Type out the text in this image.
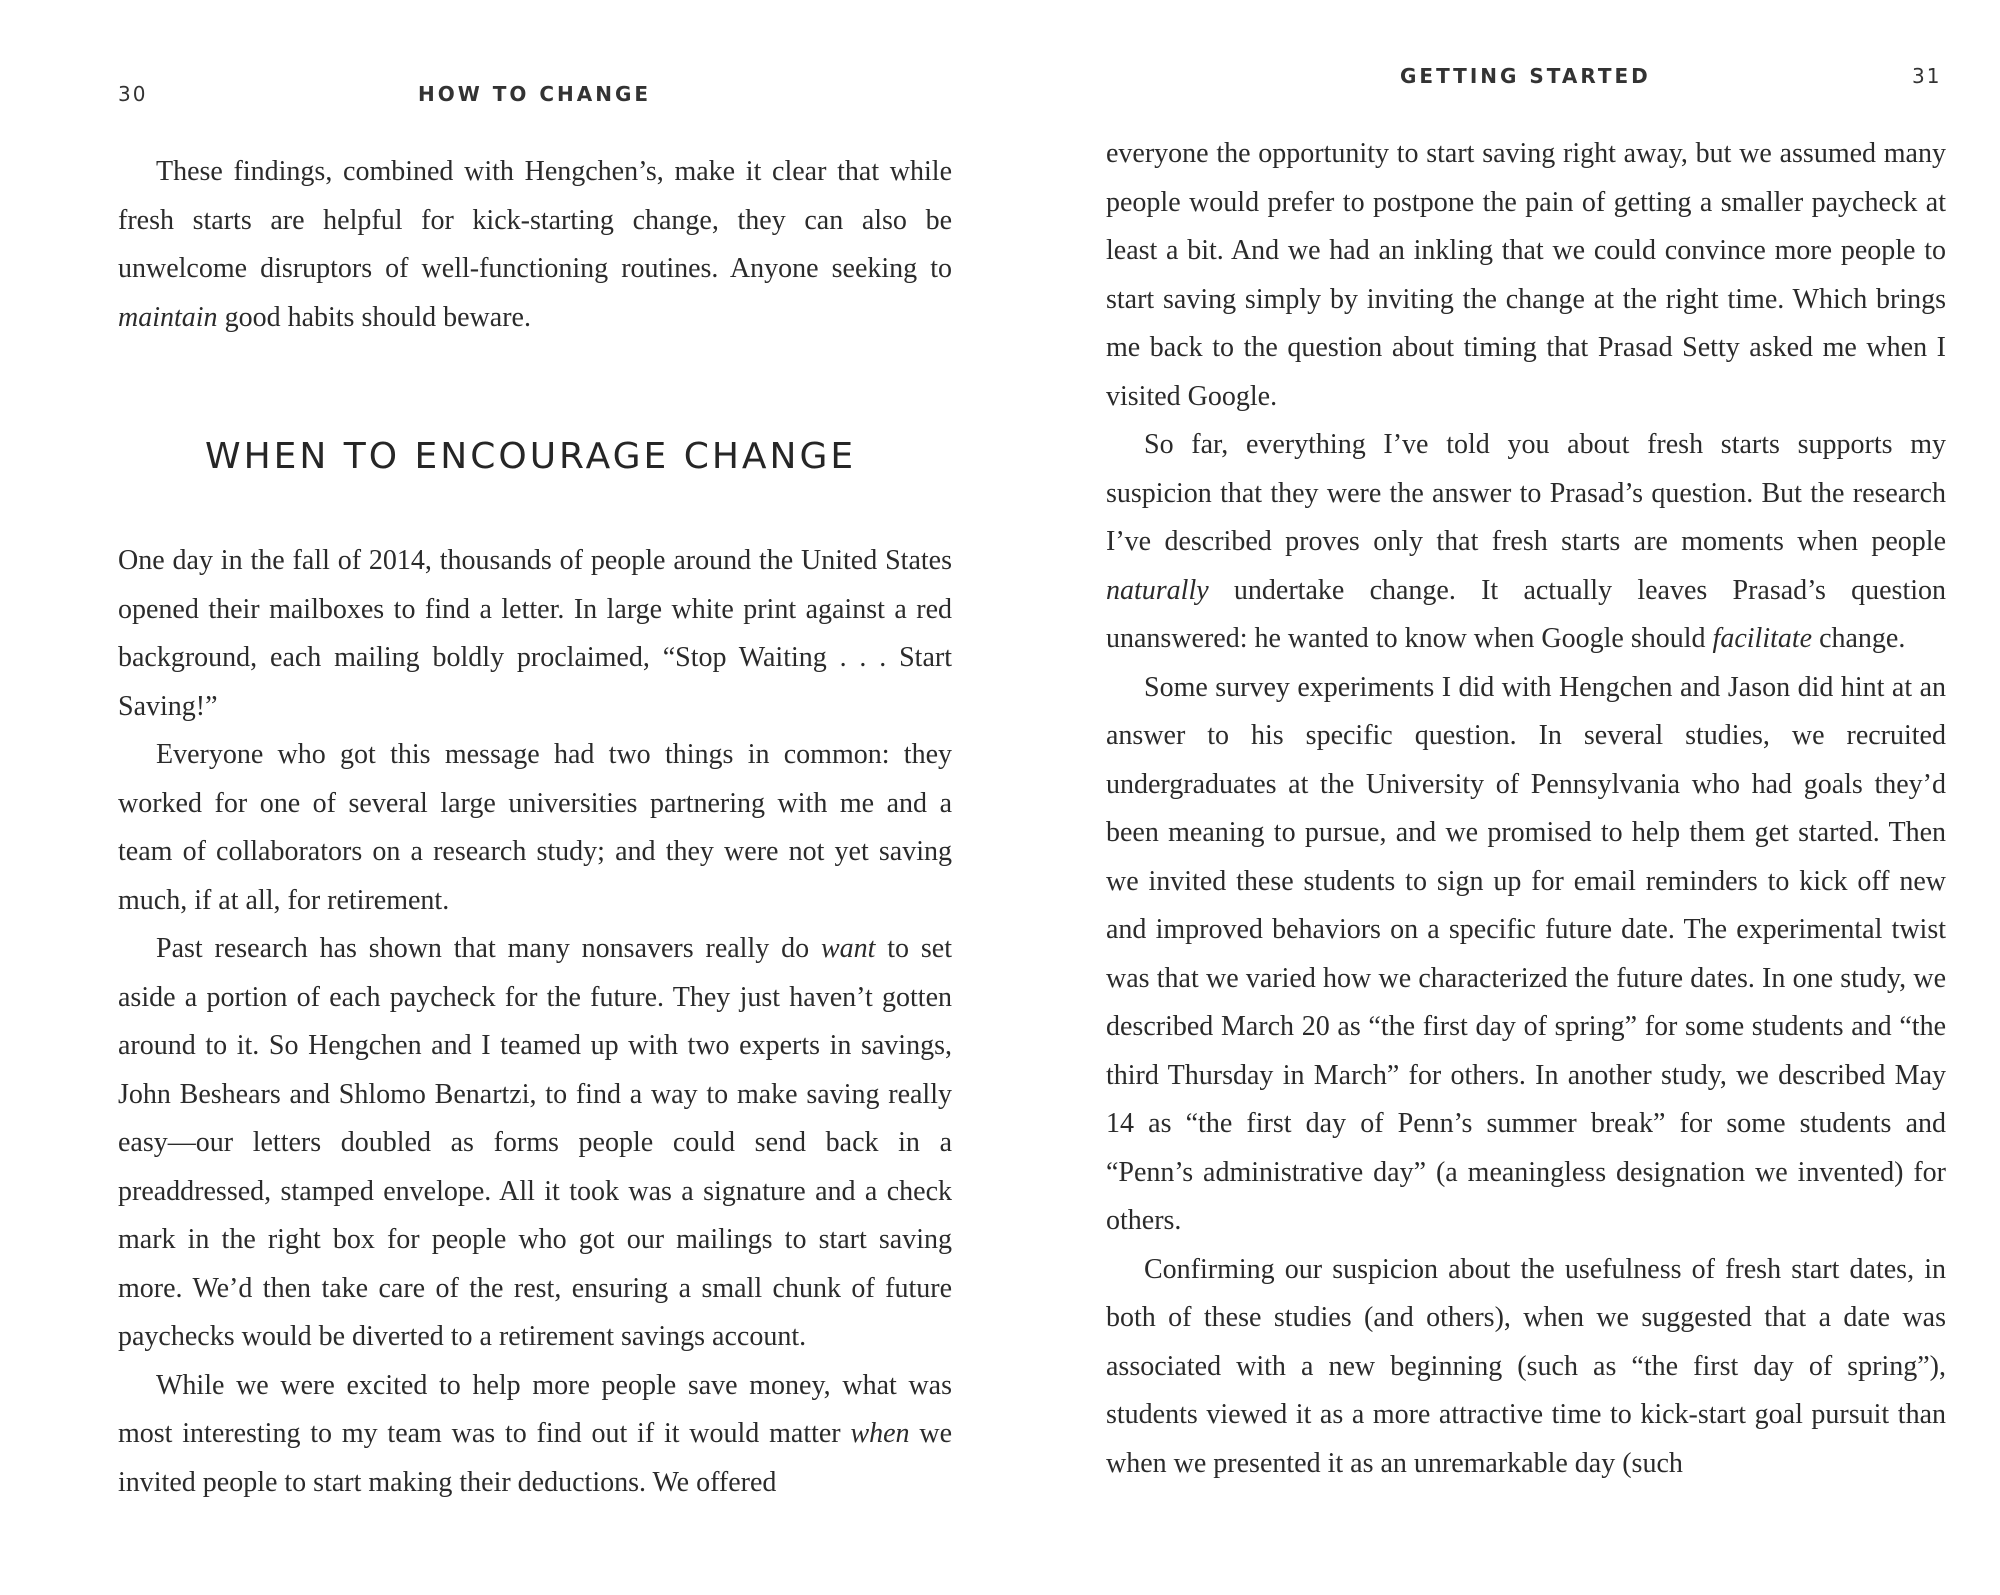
30	HOW TO CHANGE

These findings, combined with Hengchen’s, make it clear that while fresh starts are helpful for kick-starting change, they can also be unwelcome disruptors of well-functioning routines. Anyone seeking to maintain good habits should beware.

WHEN TO ENCOURAGE CHANGE

One day in the fall of 2014, thousands of people around the United States opened their mailboxes to find a letter. In large white print against a red background, each mailing boldly proclaimed, “Stop Waiting . . . Start Saving!”

Everyone who got this message had two things in common: they worked for one of several large universities partnering with me and a team of collaborators on a research study; and they were not yet saving much, if at all, for retirement.

Past research has shown that many nonsavers really do want to set aside a portion of each paycheck for the future. They just haven’t gotten around to it. So Hengchen and I teamed up with two experts in savings, John Beshears and Shlomo Benartzi, to find a way to make saving really easy—our letters doubled as forms people could send back in a preaddressed, stamped envelope. All it took was a signature and a check mark in the right box for people who got our mailings to start saving more. We’d then take care of the rest, ensuring a small chunk of future paychecks would be diverted to a retirement savings account.

While we were excited to help more people save money, what was most interesting to my team was to find out if it would matter when we invited people to start making their deductions. We offered

GETTING STARTED	31

everyone the opportunity to start saving right away, but we assumed many people would prefer to postpone the pain of getting a smaller paycheck at least a bit. And we had an inkling that we could convince more people to start saving simply by inviting the change at the right time. Which brings me back to the question about timing that Prasad Setty asked me when I visited Google.

So far, everything I’ve told you about fresh starts supports my suspicion that they were the answer to Prasad’s question. But the research I’ve described proves only that fresh starts are moments when people naturally undertake change. It actually leaves Prasad’s question unanswered: he wanted to know when Google should facilitate change.

Some survey experiments I did with Hengchen and Jason did hint at an answer to his specific question. In several studies, we recruited undergraduates at the University of Pennsylvania who had goals they’d been meaning to pursue, and we promised to help them get started. Then we invited these students to sign up for email reminders to kick off new and improved behaviors on a specific future date. The experimental twist was that we varied how we characterized the future dates. In one study, we described March 20 as “the first day of spring” for some students and “the third Thursday in March” for others. In another study, we described May 14 as “the first day of Penn’s summer break” for some students and “Penn’s administrative day” (a meaningless designation we invented) for others.

Confirming our suspicion about the usefulness of fresh start dates, in both of these studies (and others), when we suggested that a date was associated with a new beginning (such as “the first day of spring”), students viewed it as a more attractive time to kick-start goal pursuit than when we presented it as an unremarkable day (such
